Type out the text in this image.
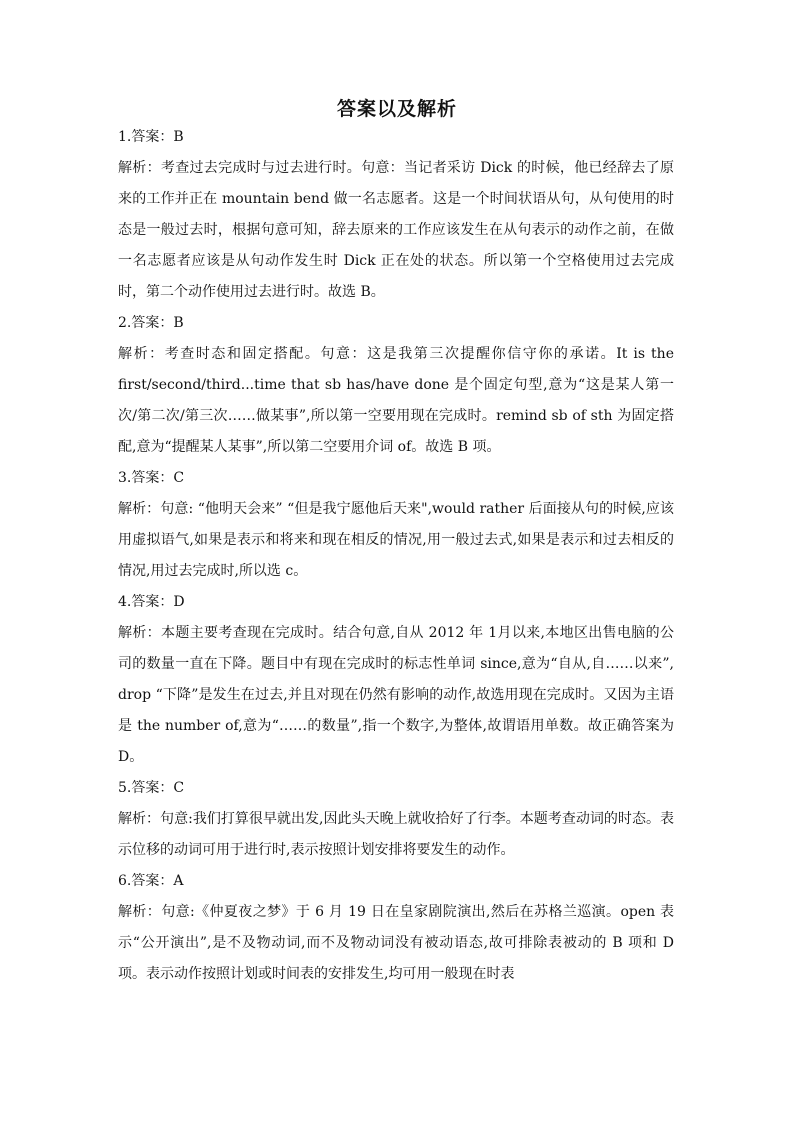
答案以及解析

1.答案：B

解析：考查过去完成时与过去进行时。句意：当记者采访 Dick 的时候，他已经辞去了原来的工作并正在 mountain bend 做一名志愿者。这是一个时间状语从句，从句使用的时态是一般过去时，根据句意可知，辞去原来的工作应该发生在从句表示的动作之前，在做一名志愿者应该是从句动作发生时 Dick 正在处的状态。所以第一个空格使用过去完成时，第二个动作使用过去进行时。故选 B。

2.答案：B

解析：考查时态和固定搭配。句意：这是我第三次提醒你信守你的承诺。It is the first/second/third...time that sb has/have done 是个固定句型,意为“这是某人第一次/第二次/第三次……做某事”,所以第一空要用现在完成时。remind sb of sth 为固定搭配,意为“提醒某人某事”,所以第二空要用介词 of。故选 B 项。

3.答案：C

解析：句意: “他明天会来” “但是我宁愿他后天来",would rather 后面接从句的时候,应该用虚拟语气,如果是表示和将来和现在相反的情况,用一般过去式,如果是表示和过去相反的情况,用过去完成时,所以选 c。

4.答案：D

解析：本题主要考查现在完成时。结合句意,自从 2012 年 1月以来,本地区出售电脑的公司的数量一直在下降。题目中有现在完成时的标志性单词 since,意为“自从,自……以来”, drop “下降”是发生在过去,并且对现在仍然有影响的动作,故选用现在完成时。又因为主语是 the number of,意为“……的数量”,指一个数字,为整体,故谓语用单数。故正确答案为 D。

5.答案：C

解析：句意:我们打算很早就出发,因此头天晚上就收拾好了行李。本题考查动词的时态。表示位移的动词可用于进行时,表示按照计划安排将要发生的动作。

6.答案：A

解析：句意:《仲夏夜之梦》于 6 月 19 日在皇家剧院演出,然后在苏格兰巡演。open 表示“公开演出”,是不及物动词,而不及物动词没有被动语态,故可排除表被动的 B 项和 D 项。表示动作按照计划或时间表的安排发生,均可用一般现在时表
